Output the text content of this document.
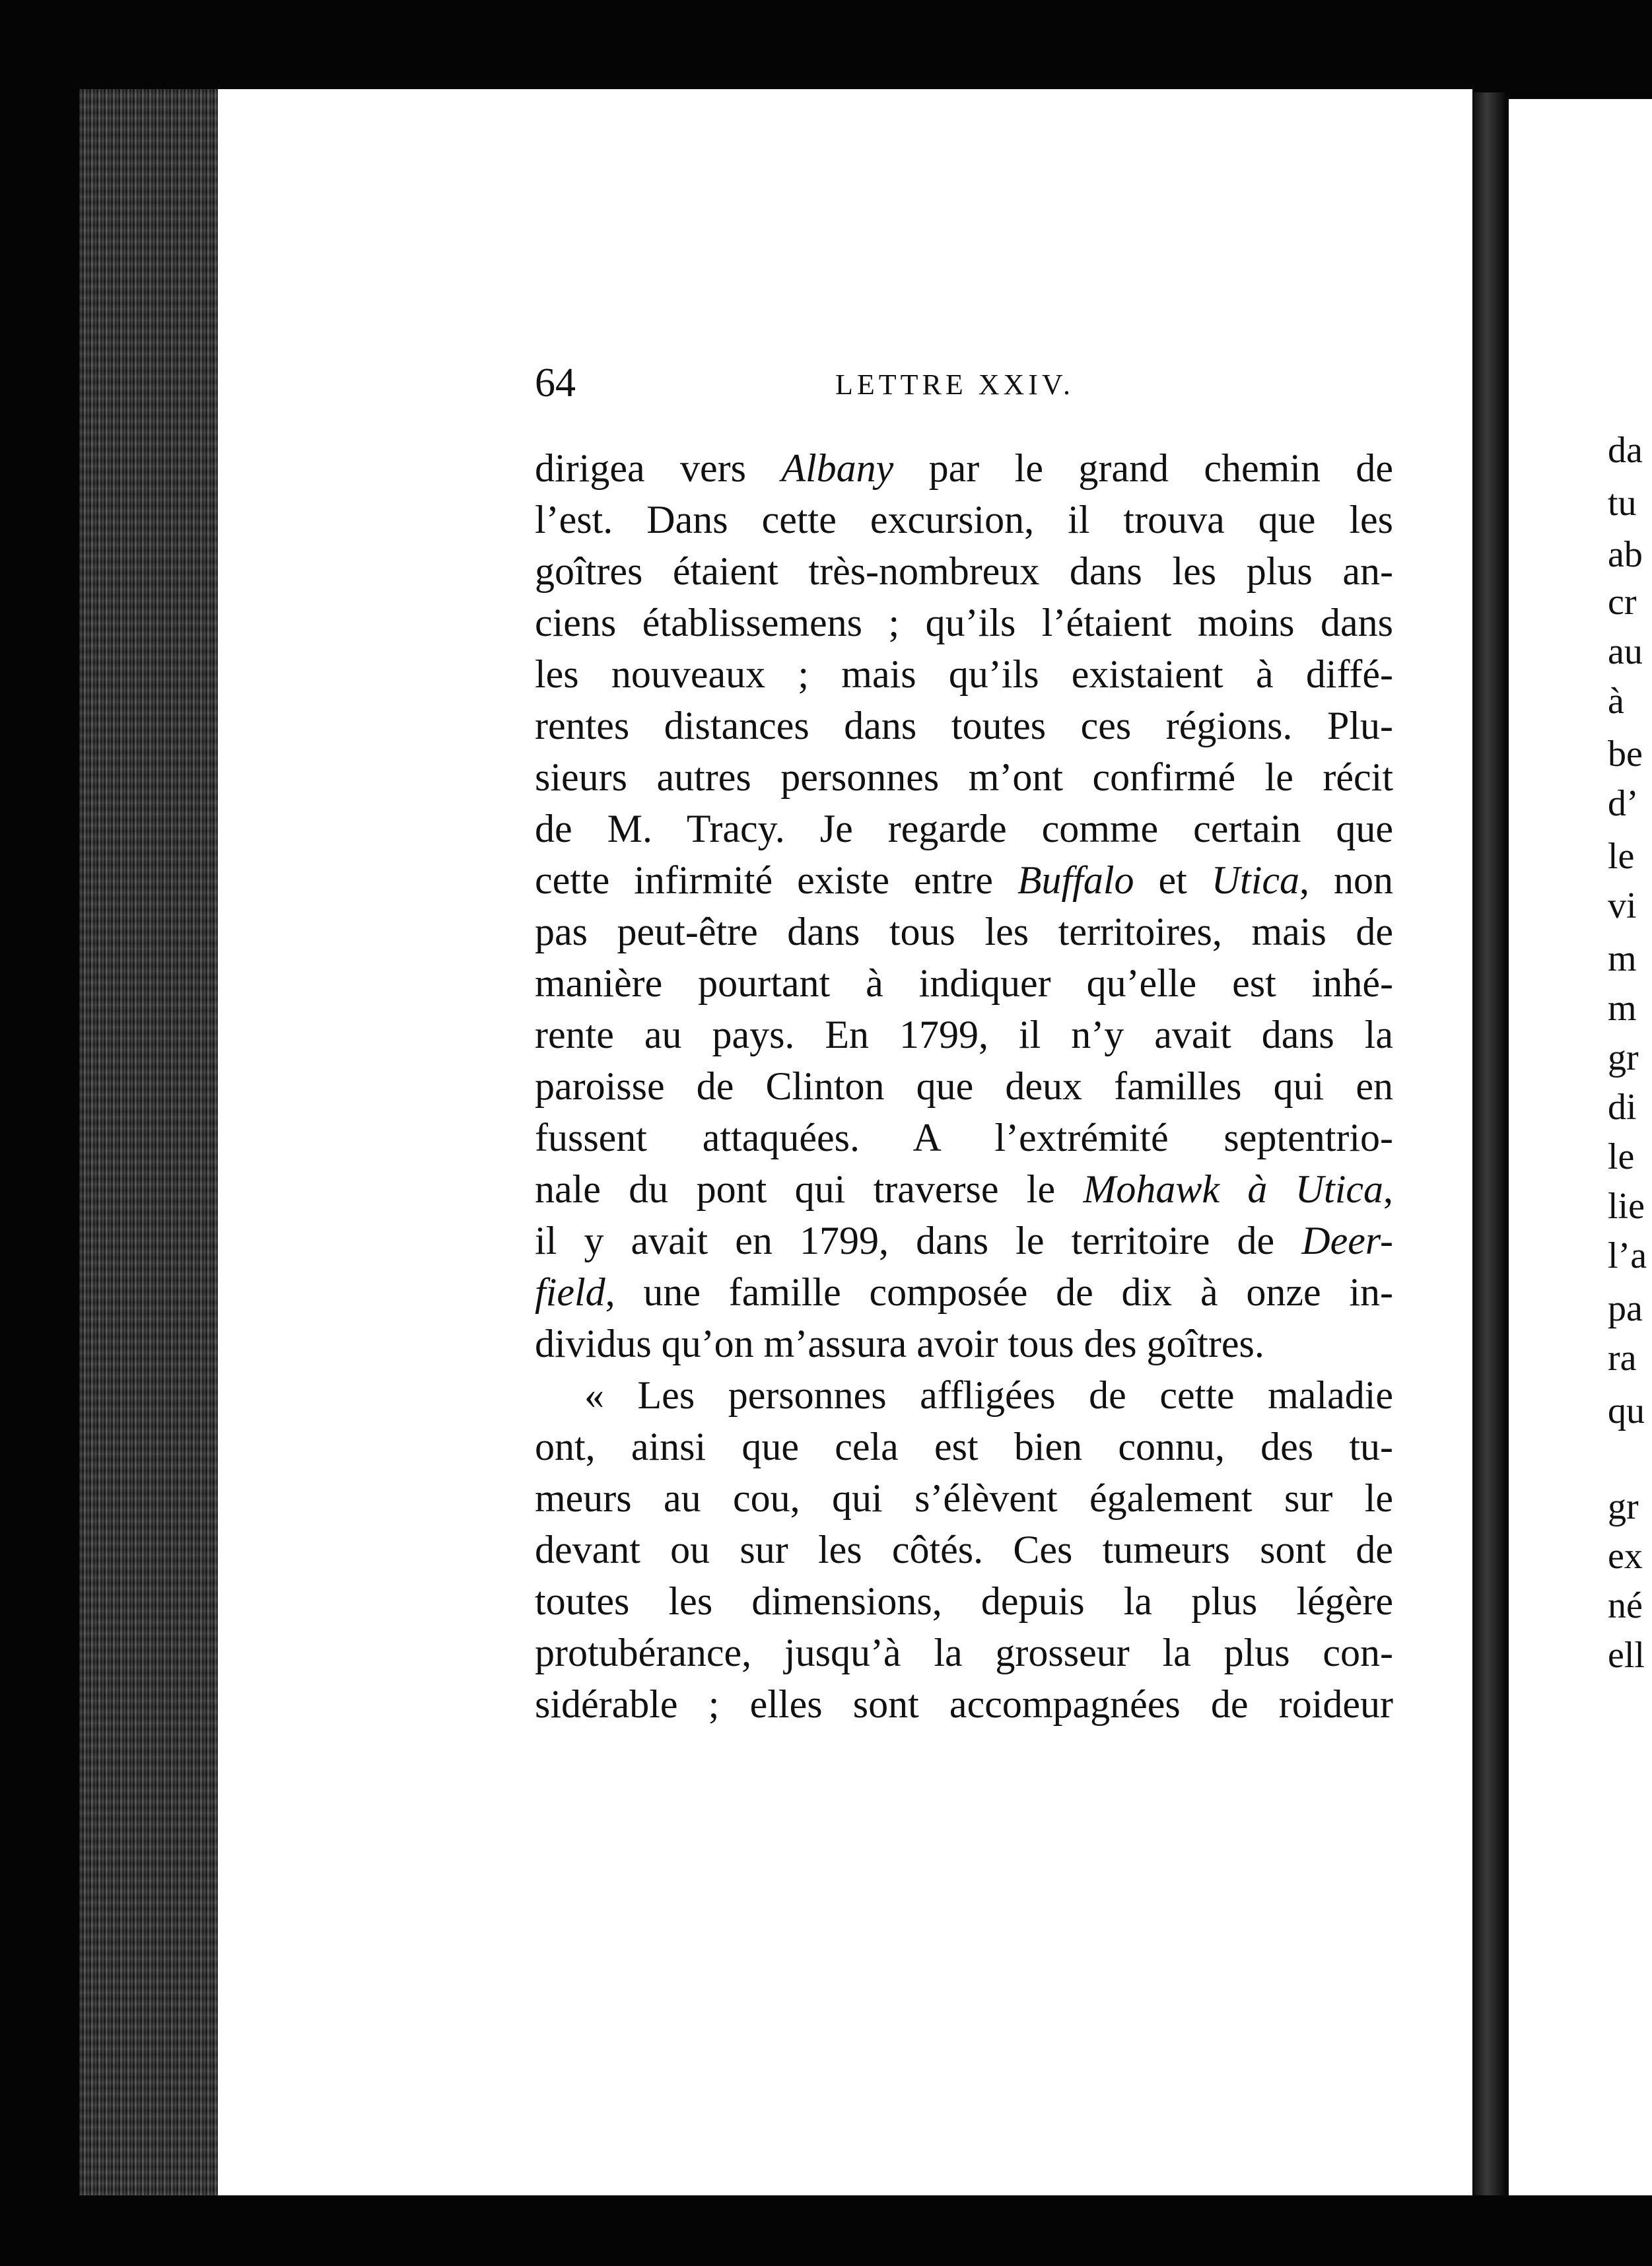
64	LETTRE XXIV.
dirigea vers Albany par le grand chemin de
l’est. Dans cette excursion, il trouva que les
goîtres étaient très-nombreux dans les plus an-
ciens établissemens ; qu’ils l’étaient moins dans
les nouveaux ; mais qu’ils existaient à diffé-
rentes distances dans toutes ces régions. Plu-
sieurs autres personnes m’ont confirmé le récit
de M. Tracy. Je regarde comme certain que
cette infirmité existe entre Buffalo et Utica, non
pas peut-être dans tous les territoires, mais de
manière pourtant à indiquer qu’elle est inhé-
rente au pays. En 1799, il n’y avait dans la
paroisse de Clinton que deux familles qui en
fussent attaquées. A l’extrémité septentrio-
nale du pont qui traverse le Mohawk à Utica,
il y avait en 1799, dans le territoire de Deer-
field, une famille composée de dix à onze in-
dividus qu’on m’assura avoir tous des goîtres.
« Les personnes affligées de cette maladie
ont, ainsi que cela est bien connu, des tu-
meurs au cou, qui s’élèvent également sur le
devant ou sur les côtés. Ces tumeurs sont de
toutes les dimensions, depuis la plus légère
protubérance, jusqu’à la grosseur la plus con-
sidérable ; elles sont accompagnées de roideur
da
tu
ab
cr
au
à
be
d’
le
vi
m
m
gr
di
le
lie
l’a
pa
ra
qu
gr
ex
né
ell
